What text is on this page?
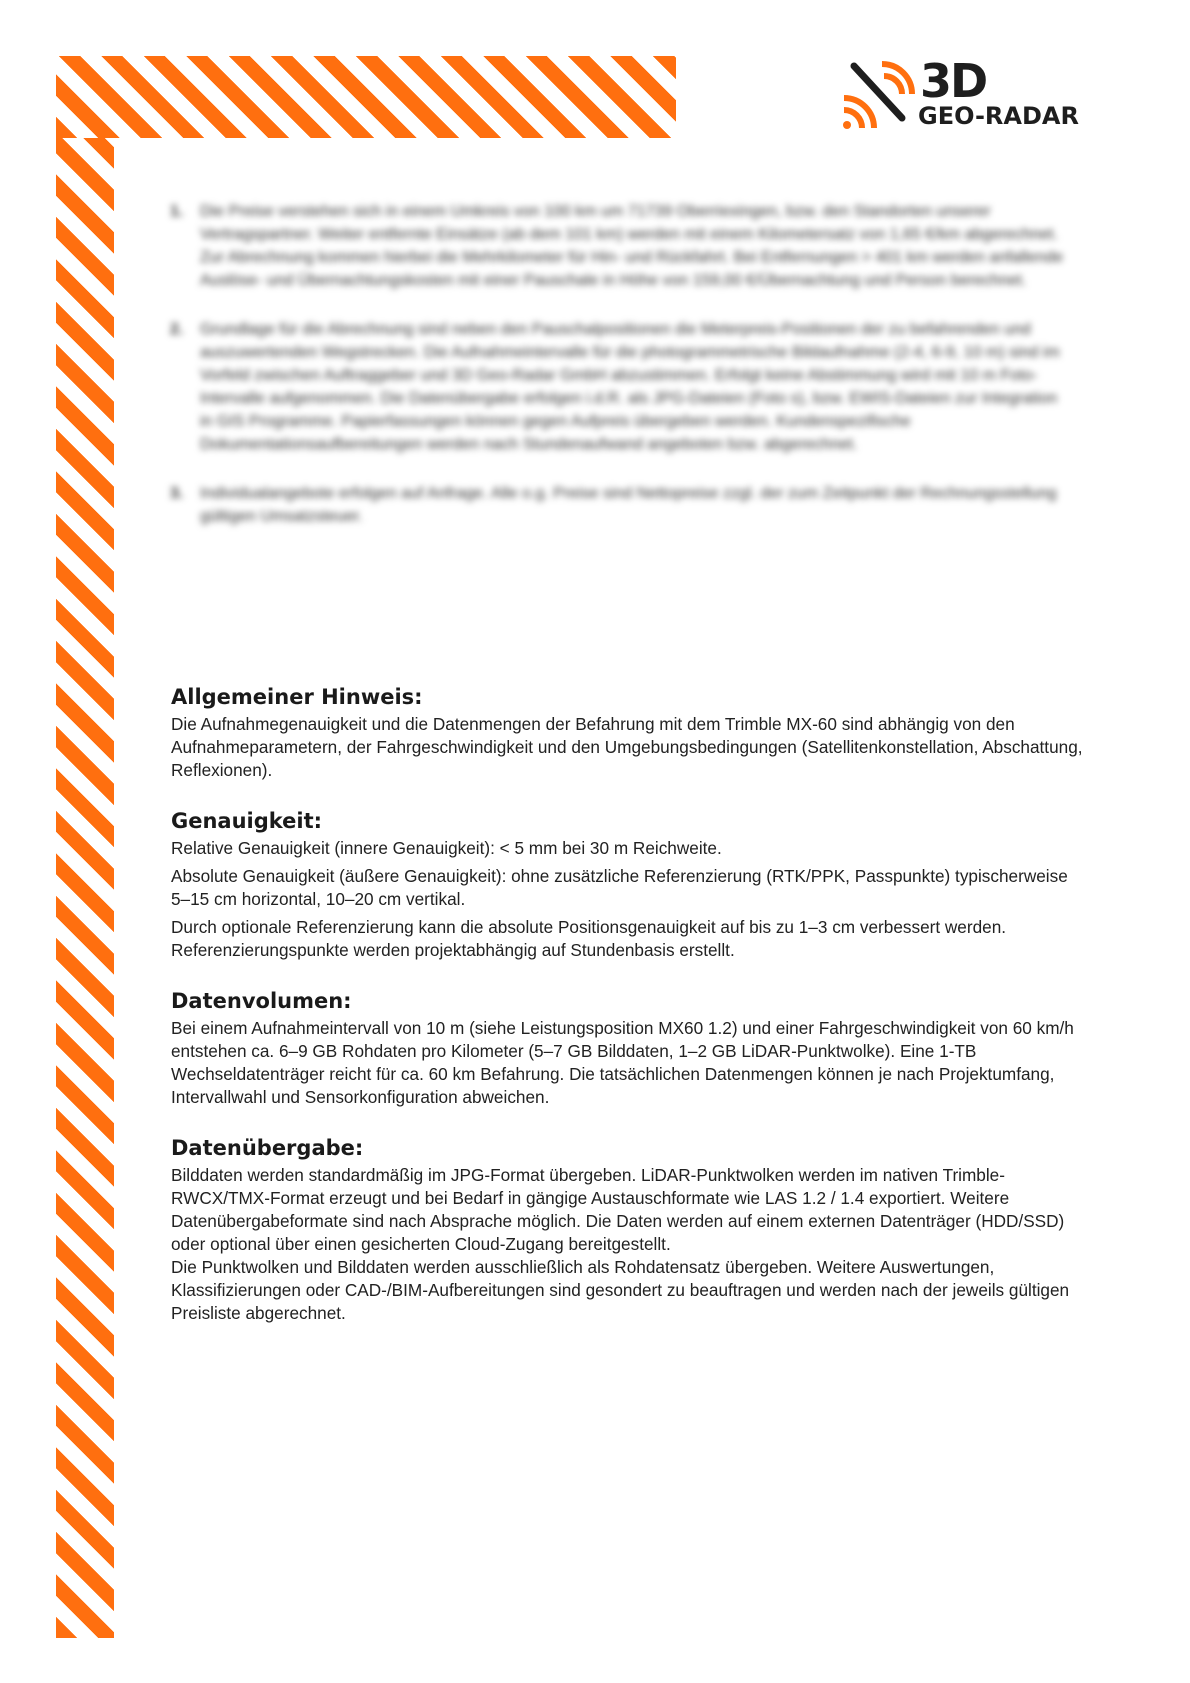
3D
GEO-RADAR
1.	Die Preise verstehen sich in einem Umkreis von 100 km um 71739 Oberriexingen, bzw. den Standorten unserer Vertragspartner. Weiter entfernte Einsätze (ab dem 101 km) werden mit einem Kilometersatz von 1,65 €/km abgerechnet. Zur Abrechnung kommen hierbei die Mehrkilometer für Hin- und Rückfahrt. Bei Entfernungen > 401 km werden anfallende Auslöse- und Übernachtungskosten mit einer Pauschale in Höhe von 159,00 €/Übernachtung und Person berechnet.
2.	Grundlage für die Abrechnung sind neben den Pauschalpositionen die Meterpreis-Positionen der zu befahrenden und auszuwertenden Wegstrecken. Die Aufnahmeintervalle für die photogrammetrische Bildaufnahme (2-4, 6-9, 10 m) sind im Vorfeld zwischen Auftraggeber und 3D Geo-Radar GmbH abzustimmen. Erfolgt keine Abstimmung wird mit 10 m Foto-Intervalle aufgenommen. Die Datenübergabe erfolgen i.d.R. als JPG-Dateien (Foto s), bzw. EWIS-Dateien zur Integration in GIS Programme. Papierfassungen können gegen Aufpreis übergeben werden. Kundenspezifische Dokumentationsaufbereitungen werden nach Stundenaufwand angeboten bzw. abgerechnet.
3.	Individualangebote erfolgen auf Anfrage. Alle o.g. Preise sind Nettopreise zzgl. der zum Zeitpunkt der Rechnungsstellung gültigen Umsatzsteuer.
Allgemeiner Hinweis:

Die Aufnahmegenauigkeit und die Datenmengen der Befahrung mit dem Trimble MX-60 sind abhängig von den Aufnahmeparametern, der Fahrgeschwindigkeit und den Umgebungsbedingungen (Satellitenkonstellation, Abschattung, Reflexionen).

Genauigkeit:

Relative Genauigkeit (innere Genauigkeit): < 5 mm bei 30 m Reichweite.

Absolute Genauigkeit (äußere Genauigkeit): ohne zusätzliche Referenzierung (RTK/PPK, Passpunkte) typischerweise 5–15 cm horizontal, 10–20 cm vertikal.

Durch optionale Referenzierung kann die absolute Positionsgenauigkeit auf bis zu 1–3 cm verbessert werden. Referenzierungspunkte werden projektabhängig auf Stundenbasis erstellt.

Datenvolumen:

Bei einem Aufnahmeintervall von 10 m (siehe Leistungsposition MX60 1.2) und einer Fahrgeschwindigkeit von 60 km/h entstehen ca. 6–9 GB Rohdaten pro Kilometer (5–7 GB Bilddaten, 1–2 GB LiDAR-Punktwolke). Eine 1-TB Wechseldatenträger reicht für ca. 60 km Befahrung. Die tatsächlichen Datenmengen können je nach Projektumfang, Intervallwahl und Sensorkonfiguration abweichen.

Datenübergabe:

Bilddaten werden standardmäßig im JPG-Format übergeben. LiDAR-Punktwolken werden im nativen Trimble-RWCX/TMX-Format erzeugt und bei Bedarf in gängige Austauschformate wie LAS 1.2 / 1.4 exportiert. Weitere Datenübergabeformate sind nach Absprache möglich. Die Daten werden auf einem externen Datenträger (HDD/SSD) oder optional über einen gesicherten Cloud-Zugang bereitgestellt.

Die Punktwolken und Bilddaten werden ausschließlich als Rohdatensatz übergeben. Weitere Auswertungen, Klassifizierungen oder CAD-/BIM-Aufbereitungen sind gesondert zu beauftragen und werden nach der jeweils gültigen Preisliste abgerechnet.
